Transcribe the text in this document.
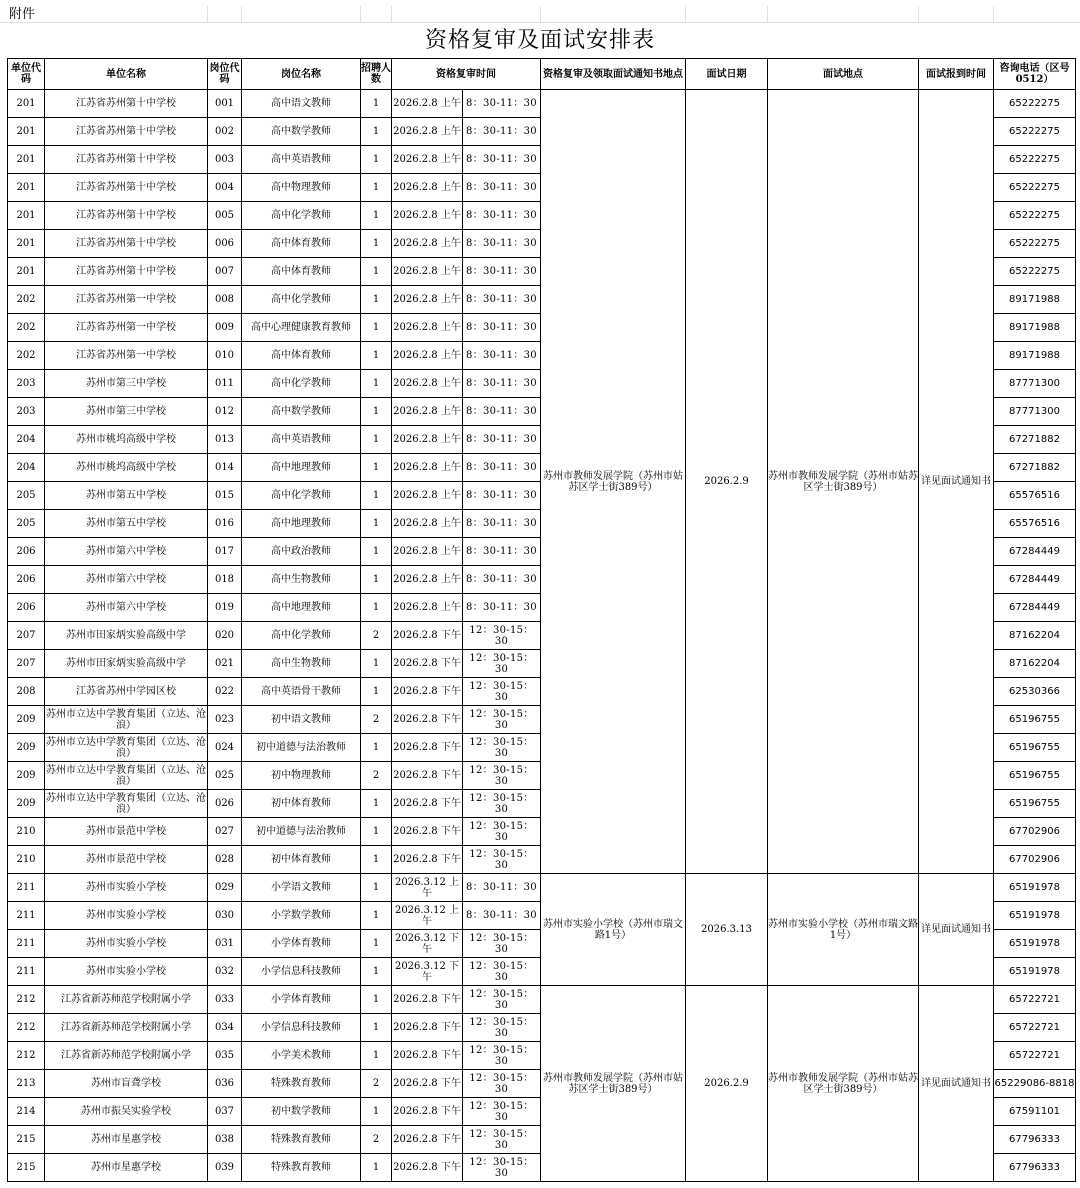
附件
资格复审及面试安排表
单位代码	单位名称	岗位代码	岗位名称	招聘人数	资格复审时间		资格复审及领取面试通知书地点	面试日期	面试地点	面试报到时间	咨询电话（区号0512）
201	江苏省苏州第十中学校	001	高中语文教师	1	2026.2.8 上午	8：30-11：30	苏州市教师发展学院（苏州市姑苏区学士街389号）	2026.2.9	苏州市教师发展学院（苏州市姑苏区学士街389号）	详见面试通知书	65222275
201	江苏省苏州第十中学校	002	高中数学教师	1	2026.2.8 上午	8：30-11：30					65222275
201	江苏省苏州第十中学校	003	高中英语教师	1	2026.2.8 上午	8：30-11：30					65222275
201	江苏省苏州第十中学校	004	高中物理教师	1	2026.2.8 上午	8：30-11：30					65222275
201	江苏省苏州第十中学校	005	高中化学教师	1	2026.2.8 上午	8：30-11：30					65222275
201	江苏省苏州第十中学校	006	高中体育教师	1	2026.2.8 上午	8：30-11：30					65222275
201	江苏省苏州第十中学校	007	高中体育教师	1	2026.2.8 上午	8：30-11：30					65222275
202	江苏省苏州第一中学校	008	高中化学教师	1	2026.2.8 上午	8：30-11：30					89171988
202	江苏省苏州第一中学校	009	高中心理健康教育教师	1	2026.2.8 上午	8：30-11：30					89171988
202	江苏省苏州第一中学校	010	高中体育教师	1	2026.2.8 上午	8：30-11：30					89171988
203	苏州市第三中学校	011	高中化学教师	1	2026.2.8 上午	8：30-11：30					87771300
203	苏州市第三中学校	012	高中数学教师	1	2026.2.8 上午	8：30-11：30					87771300
204	苏州市桃坞高级中学校	013	高中英语教师	1	2026.2.8 上午	8：30-11：30					67271882
204	苏州市桃坞高级中学校	014	高中地理教师	1	2026.2.8 上午	8：30-11：30					67271882
205	苏州市第五中学校	015	高中化学教师	1	2026.2.8 上午	8：30-11：30					65576516
205	苏州市第五中学校	016	高中地理教师	1	2026.2.8 上午	8：30-11：30					65576516
206	苏州市第六中学校	017	高中政治教师	1	2026.2.8 上午	8：30-11：30					67284449
206	苏州市第六中学校	018	高中生物教师	1	2026.2.8 上午	8：30-11：30					67284449
206	苏州市第六中学校	019	高中地理教师	1	2026.2.8 上午	8：30-11：30					67284449
207	苏州市田家炳实验高级中学	020	高中化学教师	2	2026.2.8 下午	12：30-15：30					87162204
207	苏州市田家炳实验高级中学	021	高中生物教师	1	2026.2.8 下午	12：30-15：30					87162204
208	江苏省苏州中学园区校	022	高中英语骨干教师	1	2026.2.8 下午	12：30-15：30					62530366
209	苏州市立达中学教育集团（立达、沧浪）	023	初中语文教师	2	2026.2.8 下午	12：30-15：30					65196755
209	苏州市立达中学教育集团（立达、沧浪）	024	初中道德与法治教师	1	2026.2.8 下午	12：30-15：30					65196755
209	苏州市立达中学教育集团（立达、沧浪）	025	初中物理教师	2	2026.2.8 下午	12：30-15：30					65196755
209	苏州市立达中学教育集团（立达、沧浪）	026	初中体育教师	1	2026.2.8 下午	12：30-15：30					65196755
210	苏州市景范中学校	027	初中道德与法治教师	1	2026.2.8 下午	12：30-15：30					67702906
210	苏州市景范中学校	028	初中体育教师	1	2026.2.8 下午	12：30-15：30					67702906
211	苏州市实验小学校	029	小学语文教师	1	2026.3.12 上午	8：30-11：30	苏州市实验小学校（苏州市瑞文路1号）	2026.3.13	苏州市实验小学校（苏州市瑞文路1号）	详见面试通知书	65191978
211	苏州市实验小学校	030	小学数学教师	1	2026.3.12 上午	8：30-11：30					65191978
211	苏州市实验小学校	031	小学体育教师	1	2026.3.12 下午	12：30-15：30					65191978
211	苏州市实验小学校	032	小学信息科技教师	1	2026.3.12 下午	12：30-15：30					65191978
212	江苏省新苏师范学校附属小学	033	小学体育教师	1	2026.2.8 下午	12：30-15：30	苏州市教师发展学院（苏州市姑苏区学士街389号）	2026.2.9	苏州市教师发展学院（苏州市姑苏区学士街389号）	详见面试通知书	65722721
212	江苏省新苏师范学校附属小学	034	小学信息科技教师	1	2026.2.8 下午	12：30-15：30					65722721
212	江苏省新苏师范学校附属小学	035	小学美术教师	1	2026.2.8 下午	12：30-15：30					65722721
213	苏州市盲聋学校	036	特殊教育教师	2	2026.2.8 下午	12：30-15：30					65229086-8818
214	苏州市振吴实验学校	037	初中数学教师	1	2026.2.8 下午	12：30-15：30					67591101
215	苏州市星惠学校	038	特殊教育教师	2	2026.2.8 下午	12：30-15：30					67796333
215	苏州市星惠学校	039	特殊教育教师	1	2026.2.8 下午	12：30-15：30					67796333
